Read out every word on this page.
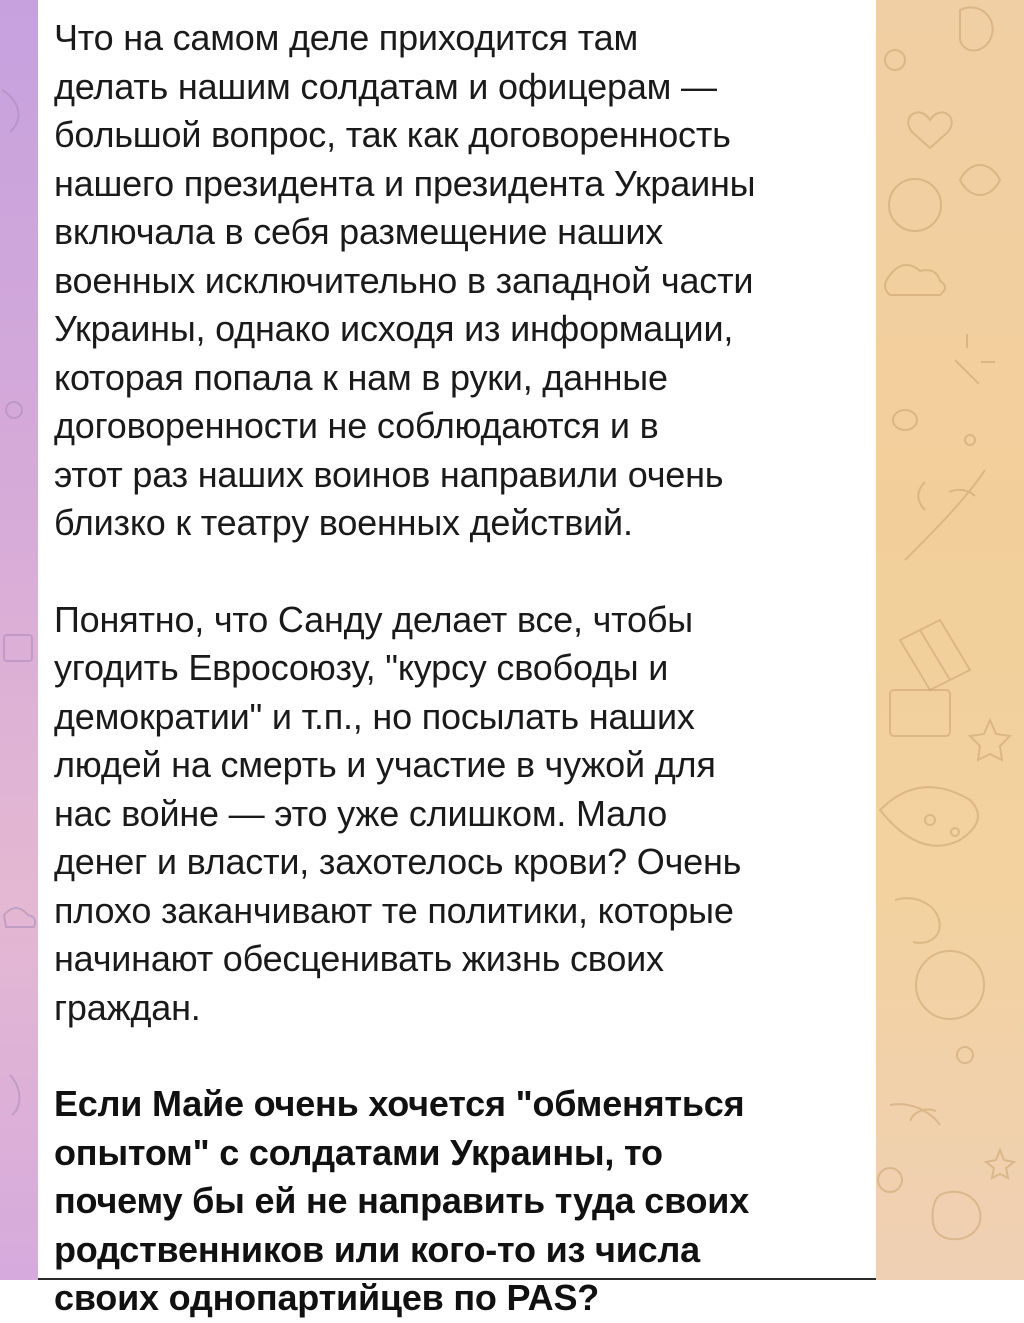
Что на самом деле приходится там
делать нашим солдатам и офицерам —
большой вопрос, так как договоренность
нашего президента и президента Украины
включала в себя размещение наших
военных исключительно в западной части
Украины, однако исходя из информации,
которая попала к нам в руки, данные
договоренности не соблюдаются и в
этот раз наших воинов направили очень
близко к театру военных действий.

Понятно, что Санду делает все, чтобы
угодить Евросоюзу, "курсу свободы и
демократии" и т.п., но посылать наших
людей на смерть и участие в чужой для
нас войне — это уже слишком. Мало
денег и власти, захотелось крови? Очень
плохо заканчивают те политики, которые
начинают обесценивать жизнь своих
граждан.

Если Майе очень хочется "обменяться
опытом" с солдатами Украины, то
почему бы ей не направить туда своих
родственников или кого-то из числа
своих однопартийцев по PAS?
